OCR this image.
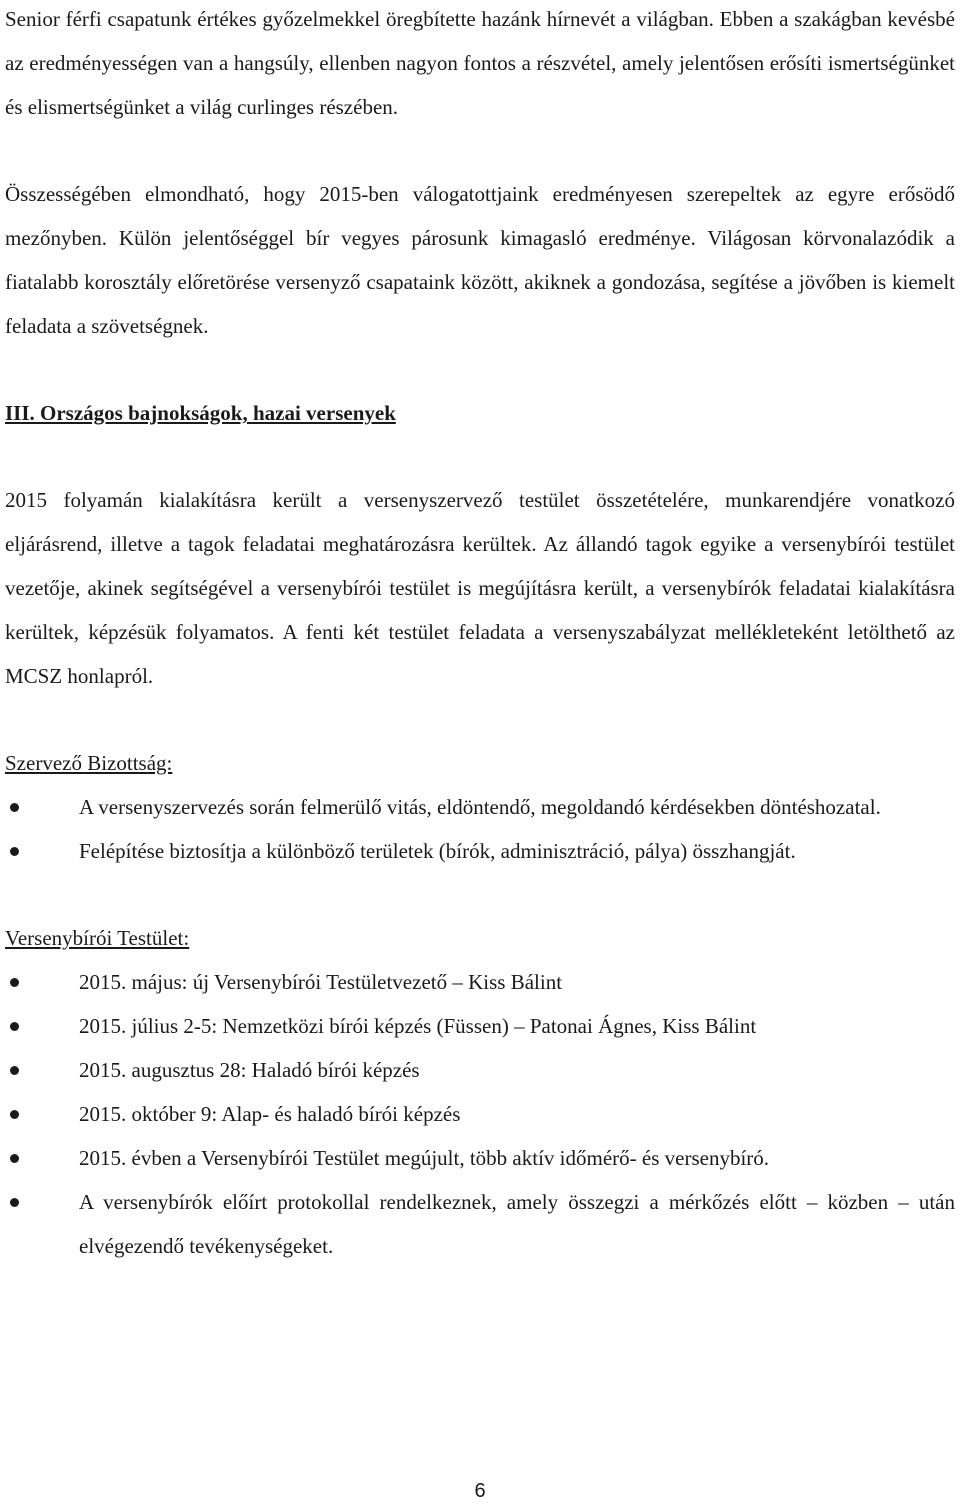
Senior férfi csapatunk értékes győzelmekkel öregbítette hazánk hírnevét a világban. Ebben a szakágban kevésbé az eredményességen van a hangsúly, ellenben nagyon fontos a részvétel, amely jelentősen erősíti ismertségünket és elismertségünket a világ curlinges részében.

Összességében elmondható, hogy 2015-ben válogatottjaink eredményesen szerepeltek az egyre erősödő mezőnyben. Külön jelentőséggel bír vegyes párosunk kimagasló eredménye. Világosan körvonalazódik a fiatalabb korosztály előretörése versenyző csapataink között, akiknek a gondozása, segítése a jövőben is kiemelt feladata a szövetségnek.

III. Országos bajnokságok, hazai versenyek

2015 folyamán kialakításra került a versenyszervező testület összetételére, munkarendjére vonatkozó eljárásrend, illetve a tagok feladatai meghatározásra kerültek. Az állandó tagok egyike a versenybírói testület vezetője, akinek segítségével a versenybírói testület is megújításra került, a versenybírók feladatai kialakításra kerültek, képzésük folyamatos. A fenti két testület feladata a versenyszabályzat mellékleteként letölthető az MCSZ honlapról.

Szervező Bizottság:
A versenyszervezés során felmerülő vitás, eldöntendő, megoldandó kérdésekben döntéshozatal.
Felépítése biztosítja a különböző területek (bírók, adminisztráció, pálya) összhangját.
Versenybírói Testület:
2015. május: új Versenybírói Testületvezető – Kiss Bálint
2015. július 2-5: Nemzetközi bírói képzés (Füssen) – Patonai Ágnes, Kiss Bálint
2015. augusztus 28: Haladó bírói képzés
2015. október 9: Alap- és haladó bírói képzés
2015. évben a Versenybírói Testület megújult, több aktív időmérő- és versenybíró.
A versenybírók előírt protokollal rendelkeznek, amely összegzi a mérkőzés előtt – közben – után elvégezendő tevékenységeket.
6
